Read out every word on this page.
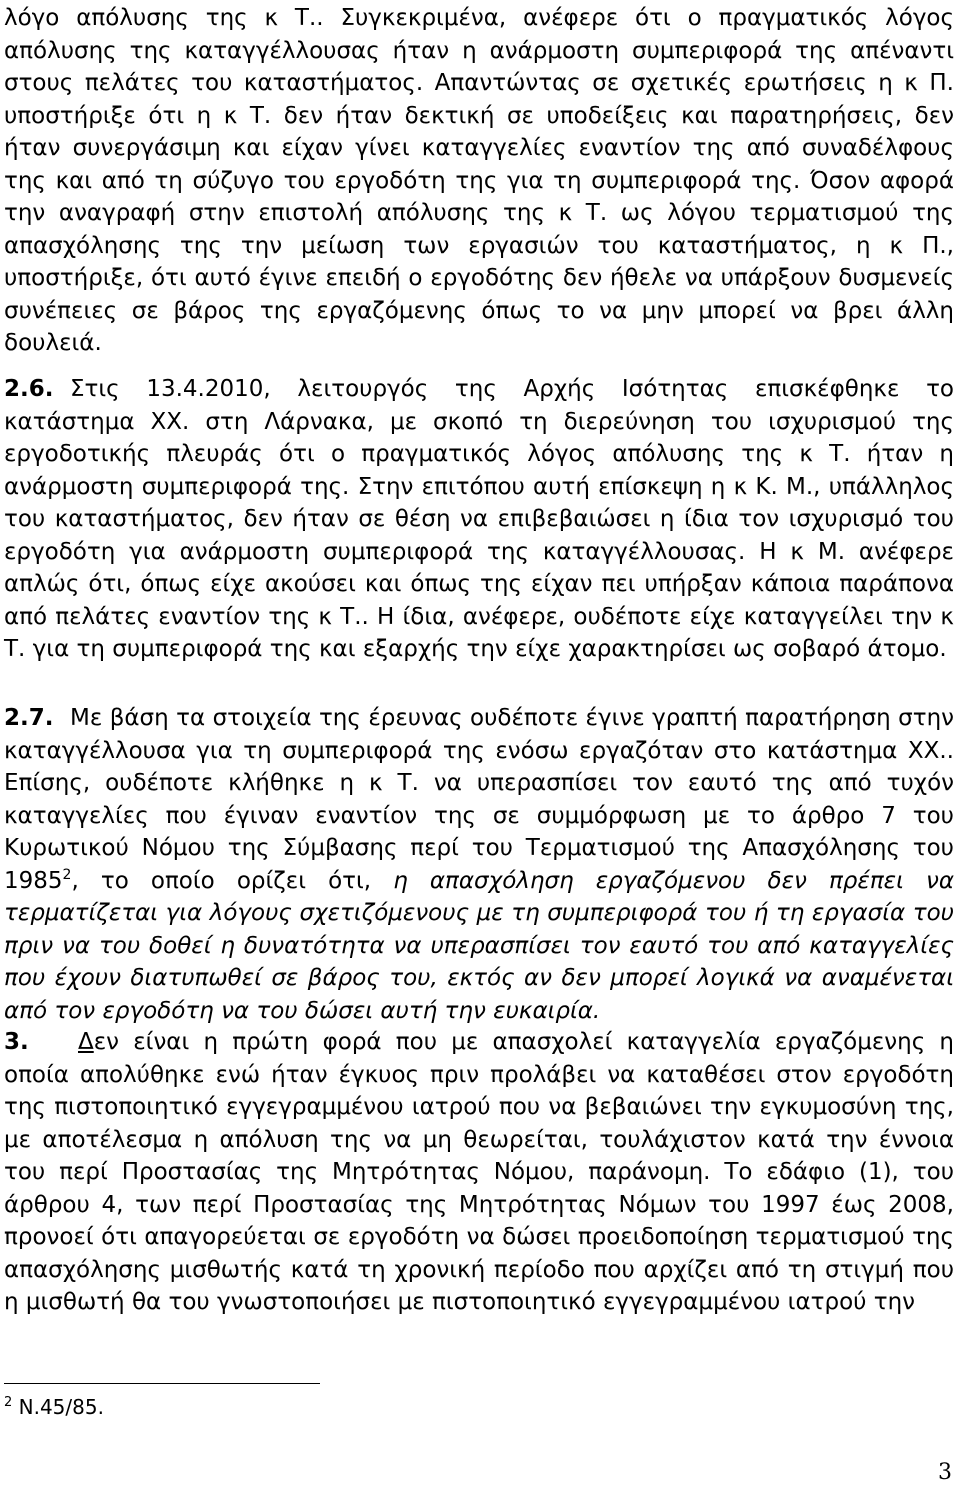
λόγο απόλυσης της κ Τ.. Συγκεκριμένα, ανέφερε ότι ο πραγματικός λόγος απόλυσης της καταγγέλλουσας ήταν η ανάρμοστη συμπεριφορά της απέναντι στους πελάτες του καταστήματος. Απαντώντας σε σχετικές ερωτήσεις η κ Π. υποστήριξε ότι η κ Τ. δεν ήταν δεκτική σε υποδείξεις και παρατηρήσεις, δεν ήταν συνεργάσιμη και είχαν γίνει καταγγελίες εναντίον της από συναδέλφους της και από τη σύζυγο του εργοδότη της για τη συμπεριφορά της. Όσον αφορά την αναγραφή στην επιστολή απόλυσης της κ Τ. ως λόγου τερματισμού της απασχόλησης της την μείωση των εργασιών του καταστήματος, η κ Π., υποστήριξε, ότι αυτό έγινε επειδή ο εργοδότης δεν ήθελε να υπάρξουν δυσμενείς συνέπειες σε βάρος της εργαζόμενης όπως το να μην μπορεί να βρει άλλη δουλειά.

2.6. Στις 13.4.2010, λειτουργός της Αρχής Ισότητας επισκέφθηκε το κατάστημα ΧΧ. στη Λάρνακα, με σκοπό τη διερεύνηση του ισχυρισμού της εργοδοτικής πλευράς ότι ο πραγματικός λόγος απόλυσης της κ Τ. ήταν η ανάρμοστη συμπεριφορά της. Στην επιτόπου αυτή επίσκεψη η κ Κ. Μ., υπάλληλος του καταστήματος, δεν ήταν σε θέση να επιβεβαιώσει η ίδια τον ισχυρισμό του εργοδότη για ανάρμοστη συμπεριφορά της καταγγέλλουσας. Η κ Μ. ανέφερε απλώς ότι, όπως είχε ακούσει και όπως της είχαν πει υπήρξαν κάποια παράπονα από πελάτες εναντίον της κ Τ.. Η ίδια, ανέφερε, ουδέποτε είχε καταγγείλει την κ Τ. για τη συμπεριφορά της και εξαρχής την είχε χαρακτηρίσει ως σοβαρό άτομο.

2.7. Με βάση τα στοιχεία της έρευνας ουδέποτε έγινε γραπτή παρατήρηση στην καταγγέλλουσα για τη συμπεριφορά της ενόσω εργαζόταν στο κατάστημα ΧΧ.. Επίσης, ουδέποτε κλήθηκε η κ Τ. να υπερασπίσει τον εαυτό της από τυχόν καταγγελίες που έγιναν εναντίον της σε συμμόρφωση με το άρθρο 7 του Κυρωτικού Νόμου της Σύμβασης περί του Τερματισμού της Απασχόλησης του 1985$^2$, το οποίο ορίζει ότι, η απασχόληση εργαζόμενου δεν πρέπει να τερματίζεται για λόγους σχετιζόμενους με τη συμπεριφορά του ή τη εργασία του πριν να του δοθεί η δυνατότητα να υπερασπίσει τον εαυτό του από καταγγελίες που έχουν διατυπωθεί σε βάρος του, εκτός αν δεν μπορεί λογικά να αναμένεται από τον εργοδότη να του δώσει αυτή την ευκαιρία.

3. Δεν είναι η πρώτη φορά που με απασχολεί καταγγελία εργαζόμενης η οποία απολύθηκε ενώ ήταν έγκυος πριν προλάβει να καταθέσει στον εργοδότη της πιστοποιητικό εγγεγραμμένου ιατρού που να βεβαιώνει την εγκυμοσύνη της, με αποτέλεσμα η απόλυση της να μη θεωρείται, τουλάχιστον κατά την έννοια του περί Προστασίας της Μητρότητας Νόμου, παράνομη. Το εδάφιο (1), του άρθρου 4, των περί Προστασίας της Μητρότητας Νόμων του 1997 έως 2008, προνοεί ότι απαγορεύεται σε εργοδότη να δώσει προειδοποίηση τερματισμού της απασχόλησης μισθωτής κατά τη χρονική περίοδο που αρχίζει από τη στιγμή που η μισθωτή θα του γνωστοποιήσει με πιστοποιητικό εγγεγραμμένου ιατρού την

$^2$ Ν.45/85.
3
